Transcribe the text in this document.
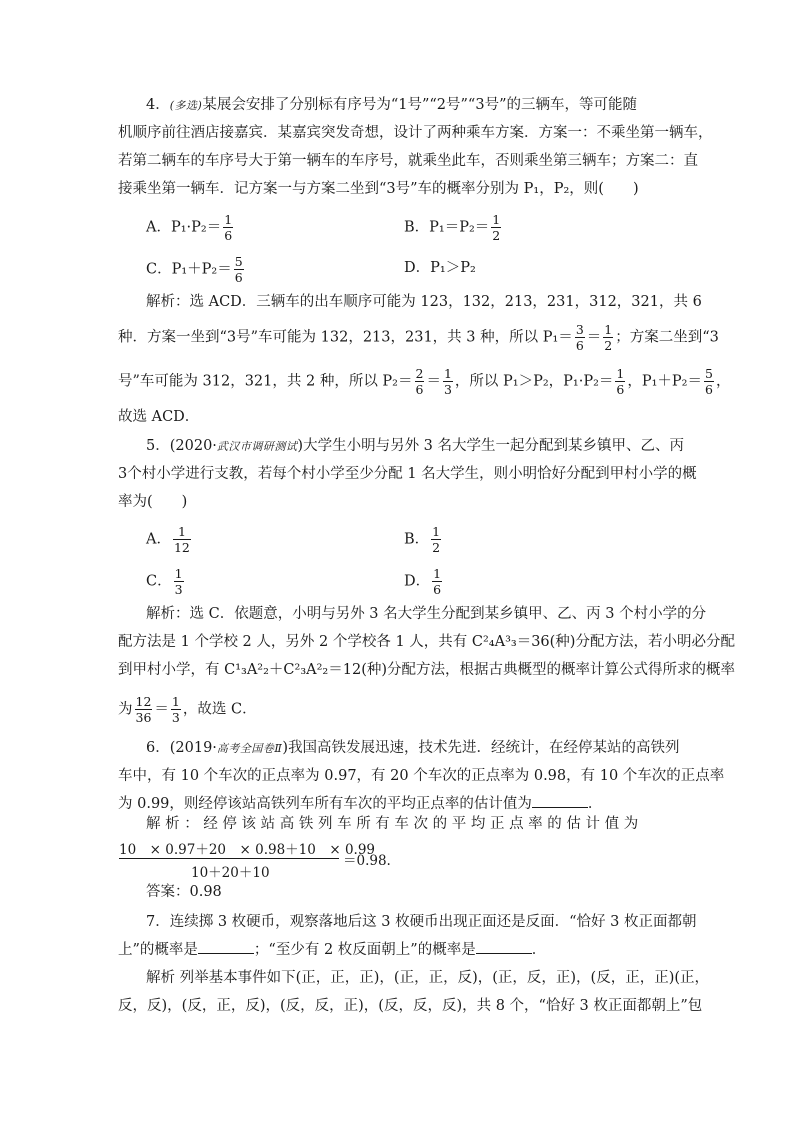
4．(多选)某展会安排了分别标有序号为“1号”“2号”“3号”的三辆车，等可能随
机顺序前往酒店接嘉宾．某嘉宾突发奇想，设计了两种乘车方案．方案一：不乘坐第一辆车，
若第二辆车的车序号大于第一辆车的车序号，就乘坐此车，否则乘坐第三辆车；方案二：直
接乘坐第一辆车．记方案一与方案二坐到“3号”车的概率分别为 P₁，P₂，则(　　)
A．$P_1\cdot P_2= \frac{1}{6}$	B．$P_1=P_2= \frac{1}{2}$
C．$P_1+P_2= \frac{5}{6}$	D．P₁＞P₂
解析：选 ACD．三辆车的出车顺序可能为 123，132，213，231，312，321，共 6
种．方案一坐到“3号”车可能为 132，213，231，共 3 种，所以 $P_1= \frac{3}{6} = \frac{1}{2}$ ；方案二坐到“3
号”车可能为 312，321，共 2 种，所以 $P_2= \frac{2}{6} = \frac{1}{3}$ ，所以 P₁＞P₂，$P_1\cdot P_2= \frac{1}{6}$ ，$P_1+P_2= \frac{5}{6}$ ，
故选 ACD．
5．(2020·武汉市调研测试)大学生小明与另外 3 名大学生一起分配到某乡镇甲、乙、丙
3个村小学进行支教，若每个村小学至少分配 1 名大学生，则小明恰好分配到甲村小学的概
率为(　　)
A． $\frac{1}{12}$	B． $\frac{1}{2}$
C． $\frac{1}{3}$	D． $\frac{1}{6}$
解析：选 C．依题意，小明与另外 3 名大学生分配到某乡镇甲、乙、丙 3 个村小学的分
配方法是 1 个学校 2 人，另外 2 个学校各 1 人，共有 C²₄A³₃＝36(种)分配方法，若小明必分配
到甲村小学，有 C¹₃A²₂＋C²₃A²₂＝12(种)分配方法，根据古典概型的概率计算公式得所求的概率
为 $\frac{12}{36} = \frac{1}{3}$ ，故选 C．
6．(2019·高考全国卷Ⅱ)我国高铁发展迅速，技术先进．经统计，在经停某站的高铁列
车中，有 10 个车次的正点率为 0.97，有 20 个车次的正点率为 0.98，有 10 个车次的正点率
为 0.99，则经停该站高铁列车所有车次的平均正点率的估计值为	．
解 析 ： 经 停 该 站 高 铁 列 车 所 有 车 次 的 平 均 正 点 率 的 估 计 值 为
10　× 0.97＋20　× 0.98＋10　× 0.99
10＋20＋10
＝0.98.
答案：0.98
7．连续掷 3 枚硬币，观察落地后这 3 枚硬币出现正面还是反面．“恰好 3 枚正面都朝
上”的概率是	；“至少有 2 枚反面朝上”的概率是	．
解析 列举基本事件如下(正，正，正)，(正，正，反)，(正，反，正)，(反，正，正)(正，
反，反)，(反，正，反)，(反，反，正)，(反，反，反)，共 8 个，“恰好 3 枚正面都朝上”包
